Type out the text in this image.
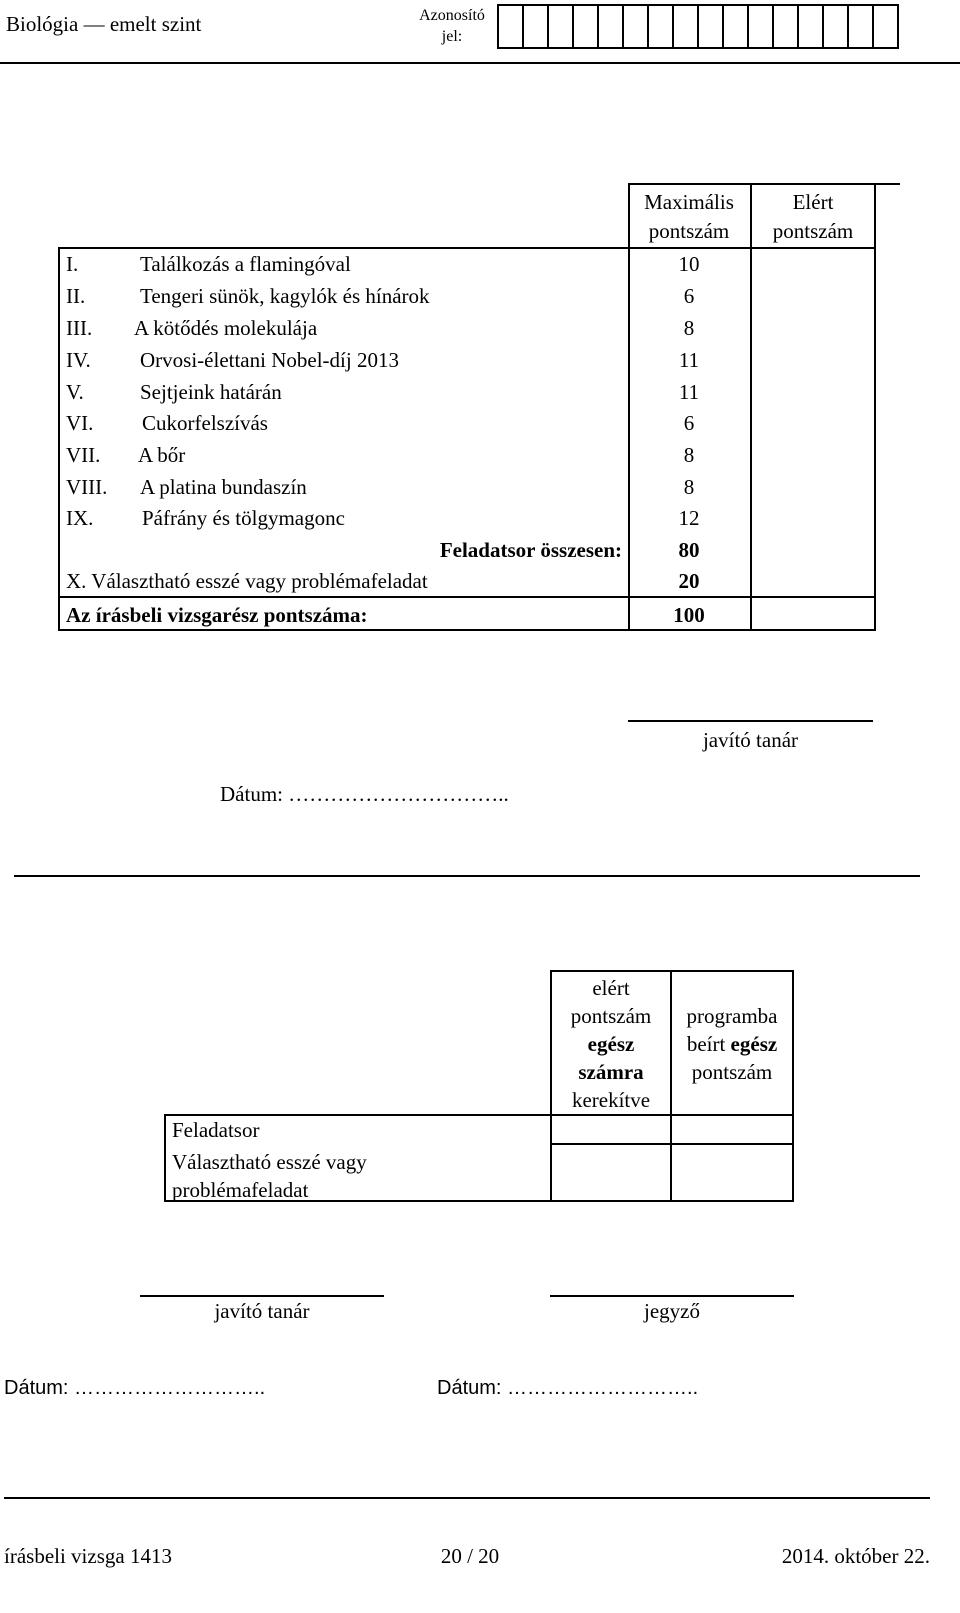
Biológia — emelt szint	Azonosító
jel:
Maximális
pontszám
Elért
pontszám
I.	Találkozás a flamingóval	10
II.	Tengeri sünök, kagylók és hínárok	6
III. A kötődés molekulája	8
IV. Orvosi-élettani Nobel-díj 2013	11
V.	Sejtjeink határán	11
VI. Cukorfelszívás	6
VII. A bőr	8
VIII. A platina bundaszín	8
IX. Páfrány és tölgymagonc	12
Feladatsor összesen:	80
X. Választható esszé vagy problémafeladat	20
Az írásbeli vizsgarész pontszáma:	100
javító tanár
Dátum: …………………………..
elért
pontszám
egész
számra
kerekítve
programba
beírt egész
pontszám
Feladatsor
Választható esszé vagy
problémafeladat
javító tanár	jegyző
Dátum: ………………………..	Dátum: ………………………..
írásbeli vizsga 1413	20 / 20	2014. október 22.
